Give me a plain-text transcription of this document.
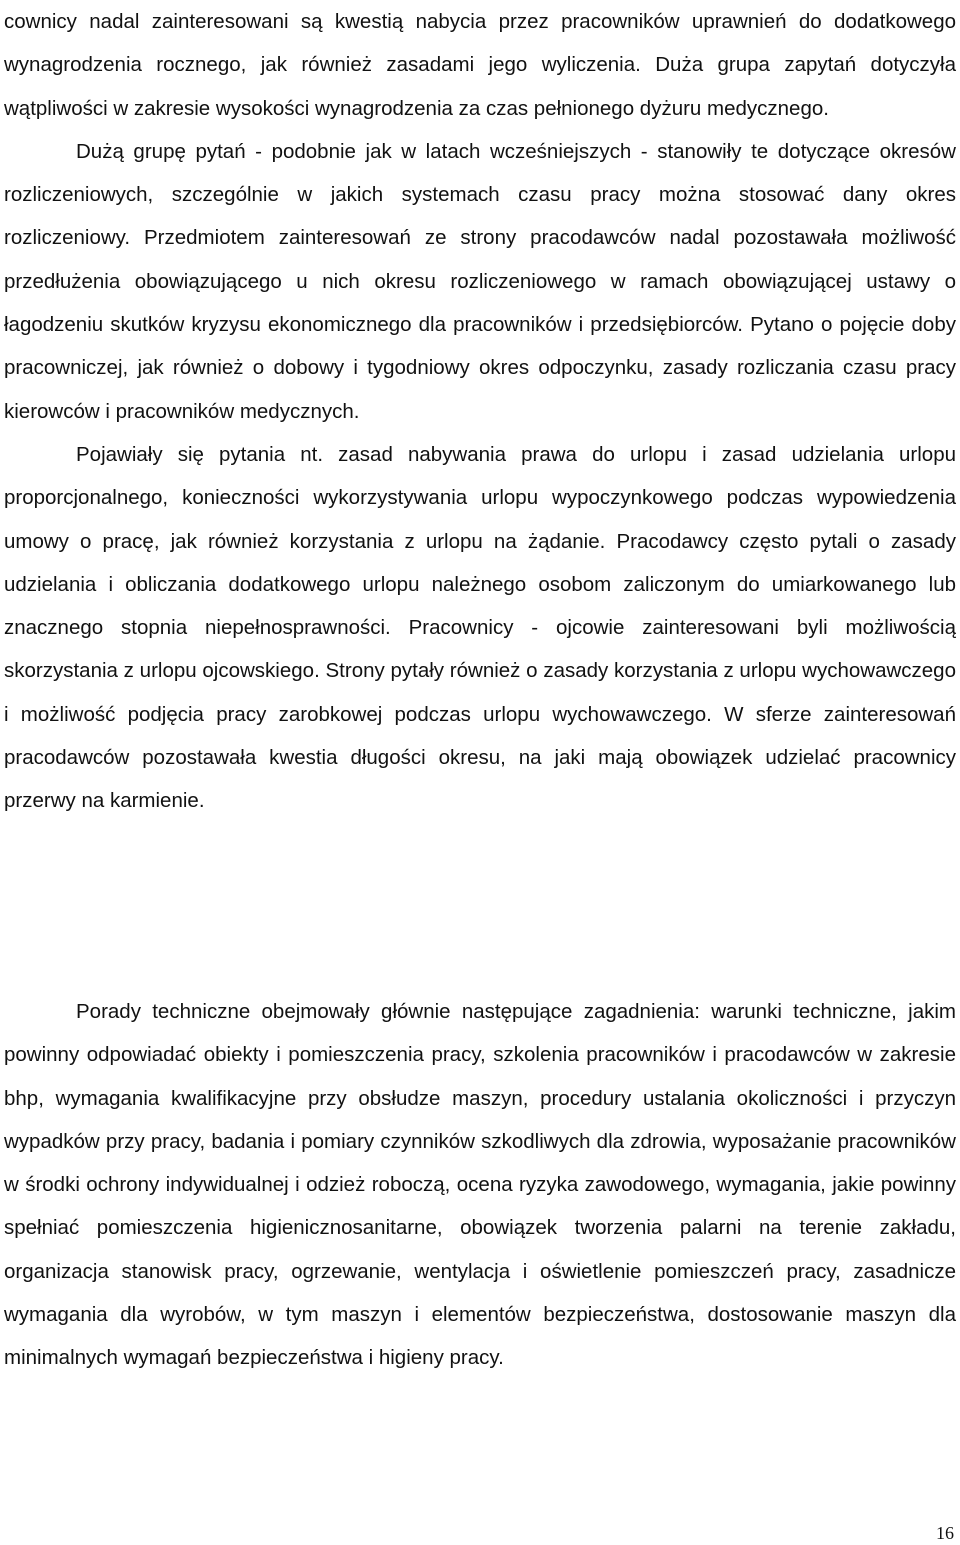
cownicy nadal zainteresowani są kwestią nabycia przez pracowników uprawnień do dodatkowego wynagrodzenia rocznego, jak również zasadami jego wyliczenia. Duża grupa zapytań dotyczyła wątpliwości w zakresie wysokości wynagrodzenia za czas pełnionego dyżuru medycznego.

Dużą grupę pytań - podobnie jak w latach wcześniejszych - stanowiły te dotyczące okresów rozliczeniowych, szczególnie w jakich systemach czasu pracy można stosować dany okres rozliczeniowy. Przedmiotem zainteresowań ze strony pracodawców nadal pozostawała możliwość przedłużenia obowiązującego u nich okresu rozliczeniowego w ramach obowiązującej ustawy o łagodzeniu skutków kryzysu ekonomicznego dla pracowników i przedsiębiorców. Pytano o pojęcie doby pracowniczej, jak również o dobowy i tygodniowy okres odpoczynku, zasady rozliczania czasu pracy kierowców i pracowników medycznych.

Pojawiały się pytania nt. zasad nabywania prawa do urlopu i zasad udzielania urlopu proporcjonalnego, konieczności wykorzystywania urlopu wypoczynkowego podczas wypowiedzenia umowy o pracę, jak również korzystania z urlopu na żądanie. Pracodawcy często pytali o zasady udzielania i obliczania dodatkowego urlopu należnego osobom zaliczonym do umiarkowanego lub znacznego stopnia niepełnosprawności. Pracownicy - ojcowie zainteresowani byli możliwością skorzystania z urlopu ojcowskiego. Strony pytały również o zasady korzystania z urlopu wychowawczego i możliwość podjęcia pracy zarobkowej podczas urlopu wychowawczego. W sferze zainteresowań pracodawców pozostawała kwestia długości okresu, na jaki mają obowiązek udzielać pracownicy przerwy na karmienie.

Porady techniczne obejmowały głównie następujące zagadnienia: warunki techniczne, jakim powinny odpowiadać obiekty i pomieszczenia pracy, szkolenia pracowników i pracodawców w zakresie bhp, wymagania kwalifikacyjne przy obsłudze maszyn, procedury ustalania okoliczności i przyczyn wypadków przy pracy, badania i pomiary czynników szkodliwych dla zdrowia, wyposażanie pracowników w środki ochrony indywidualnej i odzież roboczą, ocena ryzyka zawodowego, wymagania, jakie powinny spełniać pomieszczenia higienicznosanitarne, obowiązek tworzenia palarni na terenie zakładu, organizacja stanowisk pracy, ogrzewanie, wentylacja i oświetlenie pomieszczeń pracy, zasadnicze wymagania dla wyrobów, w tym maszyn i elementów bezpieczeństwa, dostosowanie maszyn dla minimalnych wymagań bezpieczeństwa i higieny pracy.

16
